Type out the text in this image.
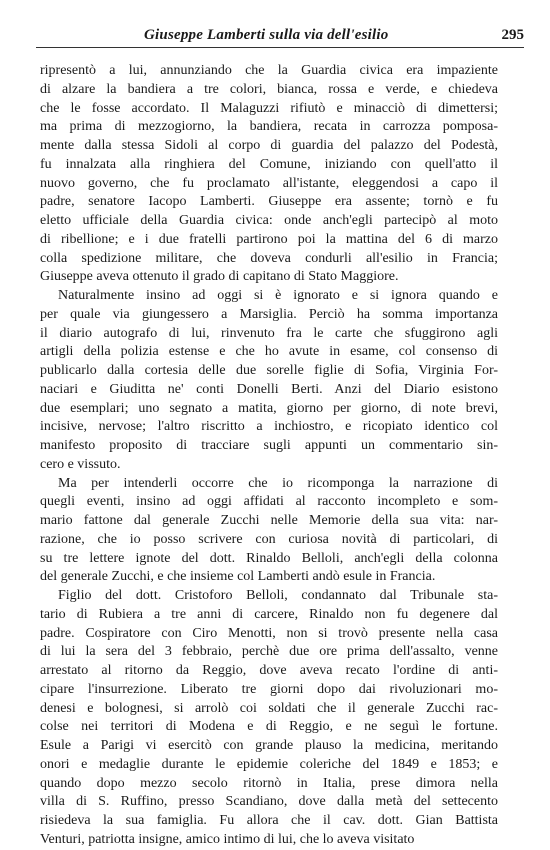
Giuseppe Lamberti sulla via dell'esilio	295
ripresentò a lui, annunziando che la Guardia civica era impaziente
di alzare la bandiera a tre colori, bianca, rossa e verde, e chiedeva
che le fosse accordato. Il Malaguzzi rifiutò e minacciò di dimettersi;
ma prima di mezzogiorno, la bandiera, recata in carrozza pomposa-
mente dalla stessa Sidoli al corpo di guardia del palazzo del Podestà,
fu innalzata alla ringhiera del Comune, iniziando con quell'atto il
nuovo governo, che fu proclamato all'istante, eleggendosi a capo il
padre, senatore Iacopo Lamberti. Giuseppe era assente; tornò e fu
eletto ufficiale della Guardia civica: onde anch'egli partecipò al moto
di ribellione; e i due fratelli partirono poi la mattina del 6 di marzo
colla spedizione militare, che doveva condurli all'esilio in Francia;
Giuseppe aveva ottenuto il grado di capitano di Stato Maggiore.
Naturalmente insino ad oggi si è ignorato e si ignora quando e
per quale via giungessero a Marsiglia. Perciò ha somma importanza
il diario autografo di lui, rinvenuto fra le carte che sfuggirono agli
artigli della polizia estense e che ho avute in esame, col consenso di
publicarlo dalla cortesia delle due sorelle figlie di Sofia, Virginia For-
naciari e Giuditta ne' conti Donelli Berti. Anzi del Diario esistono
due esemplari; uno segnato a matita, giorno per giorno, di note brevi,
incisive, nervose; l'altro riscritto a inchiostro, e ricopiato identico col
manifesto proposito di tracciare sugli appunti un commentario sin-
cero e vissuto.
Ma per intenderli occorre che io ricomponga la narrazione di
quegli eventi, insino ad oggi affidati al racconto incompleto e som-
mario fattone dal generale Zucchi nelle Memorie della sua vita: nar-
razione, che io posso scrivere con curiosa novità di particolari, di
su tre lettere ignote del dott. Rinaldo Belloli, anch'egli della colonna
del generale Zucchi, e che insieme col Lamberti andò esule in Francia.
Figlio del dott. Cristoforo Belloli, condannato dal Tribunale sta-
tario di Rubiera a tre anni di carcere, Rinaldo non fu degenere dal
padre. Cospiratore con Ciro Menotti, non si trovò presente nella casa
di lui la sera del 3 febbraio, perchè due ore prima dell'assalto, venne
arrestato al ritorno da Reggio, dove aveva recato l'ordine di anti-
cipare l'insurrezione. Liberato tre giorni dopo dai rivoluzionari mo-
denesi e bolognesi, si arrolò coi soldati che il generale Zucchi rac-
colse nei territori di Modena e di Reggio, e ne seguì le fortune.
Esule a Parigi vi esercitò con grande plauso la medicina, meritando
onori e medaglie durante le epidemie coleriche del 1849 e 1853; e
quando dopo mezzo secolo ritornò in Italia, prese dimora nella
villa di S. Ruffino, presso Scandiano, dove dalla metà del settecento
risiedeva la sua famiglia. Fu allora che il cav. dott. Gian Battista
Venturi, patriotta insigne, amico intimo di lui, che lo aveva visitato
